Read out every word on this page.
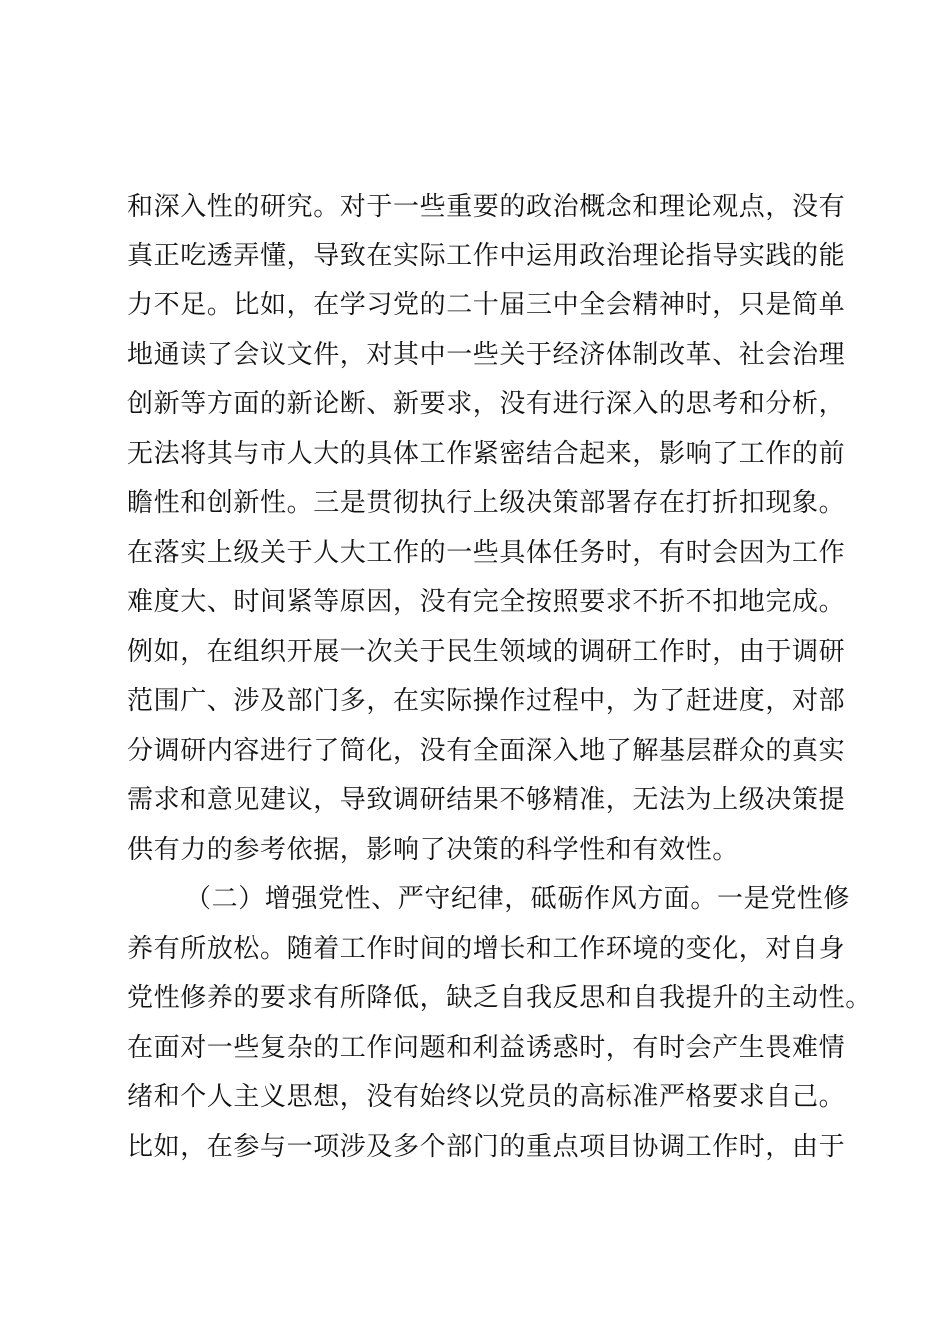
和深入性的研究。对于一些重要的政治概念和理论观点，没有

真正吃透弄懂，导致在实际工作中运用政治理论指导实践的能

力不足。比如，在学习党的二十届三中全会精神时，只是简单

地通读了会议文件，对其中一些关于经济体制改革、社会治理

创新等方面的新论断、新要求，没有进行深入的思考和分析，

无法将其与市人大的具体工作紧密结合起来，影响了工作的前

瞻性和创新性。三是贯彻执行上级决策部署存在打折扣现象。

在落实上级关于人大工作的一些具体任务时，有时会因为工作

难度大、时间紧等原因，没有完全按照要求不折不扣地完成。

例如，在组织开展一次关于民生领域的调研工作时，由于调研

范围广、涉及部门多，在实际操作过程中，为了赶进度，对部

分调研内容进行了简化，没有全面深入地了解基层群众的真实

需求和意见建议，导致调研结果不够精准，无法为上级决策提

供有力的参考依据，影响了决策的科学性和有效性。

（二）增强党性、严守纪律，砥砺作风方面。一是党性修

养有所放松。随着工作时间的增长和工作环境的变化，对自身

党性修养的要求有所降低，缺乏自我反思和自我提升的主动性。

在面对一些复杂的工作问题和利益诱惑时，有时会产生畏难情

绪和个人主义思想，没有始终以党员的高标准严格要求自己。

比如，在参与一项涉及多个部门的重点项目协调工作时，由于
